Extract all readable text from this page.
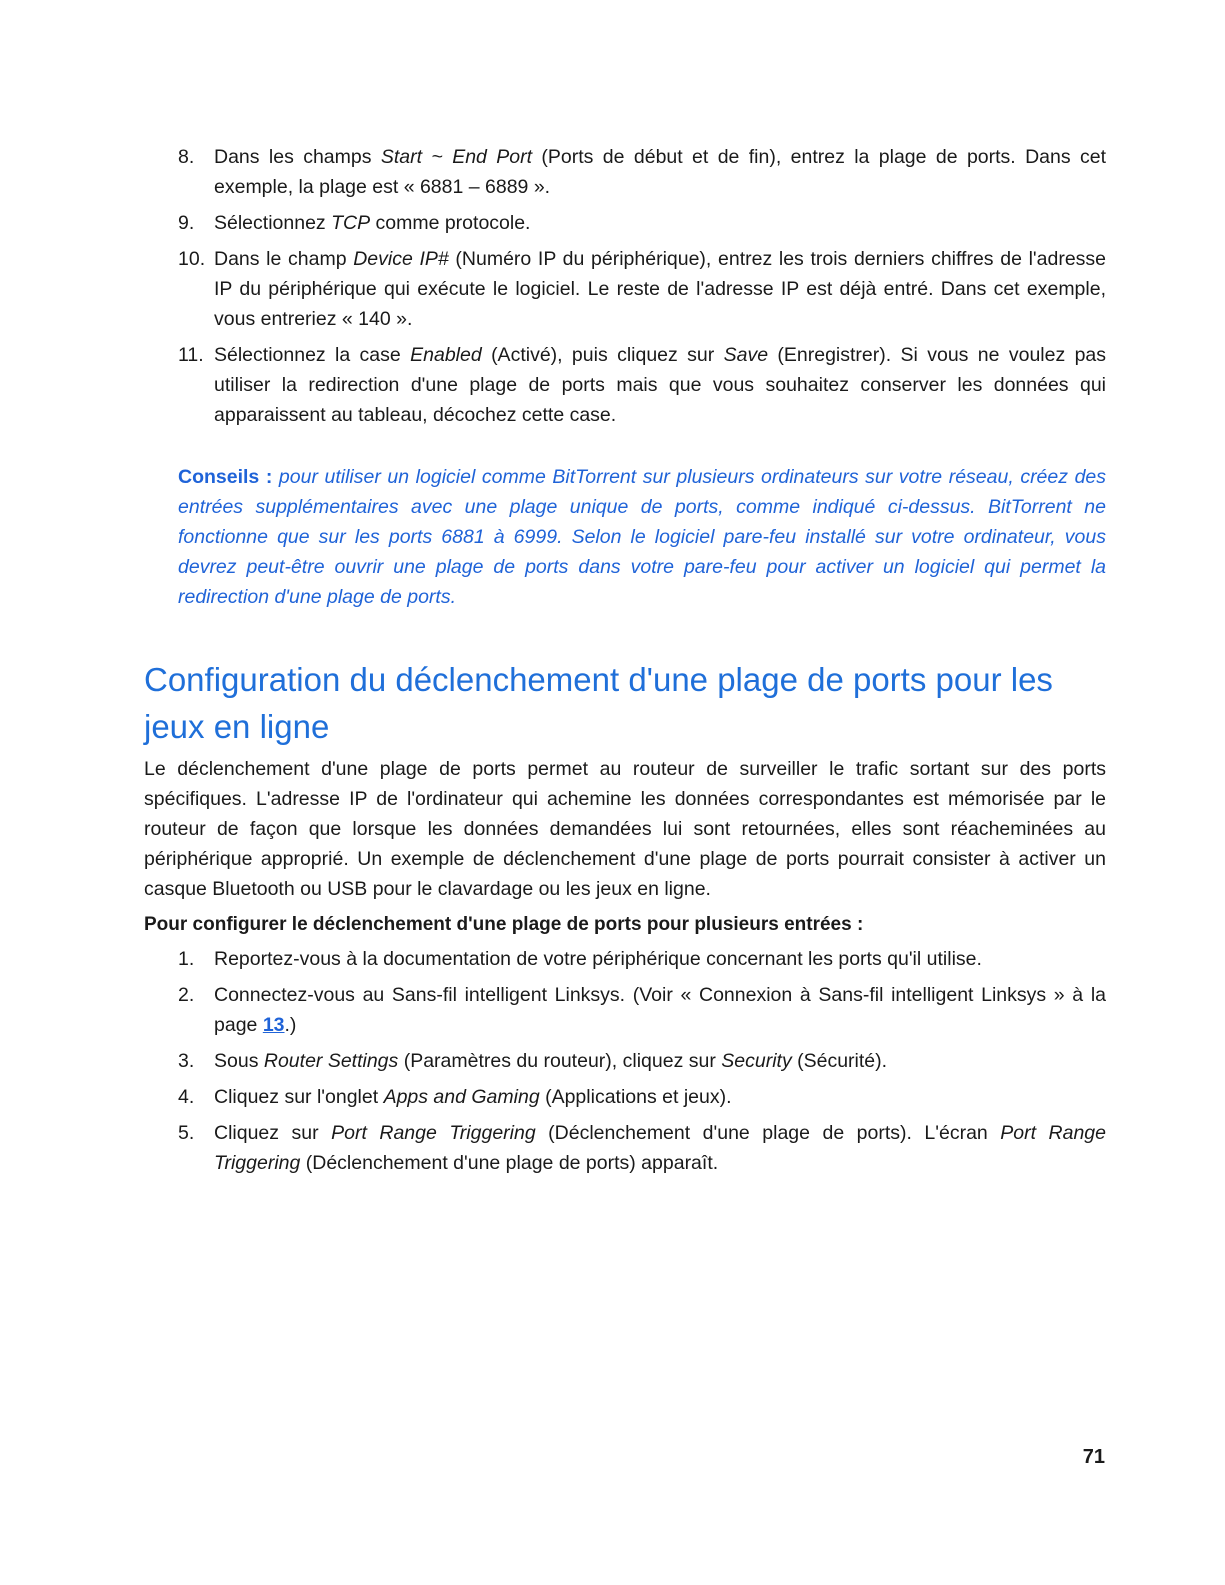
8.	Dans les champs Start ~ End Port (Ports de début et de fin), entrez la plage de ports. Dans cet exemple, la plage est « 6881 – 6889 ».
9.	Sélectionnez TCP comme protocole.
10. Dans le champ Device IP# (Numéro IP du périphérique), entrez les trois derniers chiffres de l'adresse IP du périphérique qui exécute le logiciel. Le reste de l'adresse IP est déjà entré. Dans cet exemple, vous entreriez « 140 ».
11. Sélectionnez la case Enabled (Activé), puis cliquez sur Save (Enregistrer). Si vous ne voulez pas utiliser la redirection d'une plage de ports mais que vous souhaitez conserver les données qui apparaissent au tableau, décochez cette case.
Conseils : pour utiliser un logiciel comme BitTorrent sur plusieurs ordinateurs sur votre réseau, créez des entrées supplémentaires avec une plage unique de ports, comme indiqué ci-dessus. BitTorrent ne fonctionne que sur les ports 6881 à 6999. Selon le logiciel pare-feu installé sur votre ordinateur, vous devrez peut-être ouvrir une plage de ports dans votre pare-feu pour activer un logiciel qui permet la redirection d'une plage de ports.
Configuration du déclenchement d'une plage de ports pour les jeux en ligne

Le déclenchement d'une plage de ports permet au routeur de surveiller le trafic sortant sur des ports spécifiques. L'adresse IP de l'ordinateur qui achemine les données correspondantes est mémorisée par le routeur de façon que lorsque les données demandées lui sont retournées, elles sont réacheminées au périphérique approprié. Un exemple de déclenchement d'une plage de ports pourrait consister à activer un casque Bluetooth ou USB pour le clavardage ou les jeux en ligne.

Pour configurer le déclenchement d'une plage de ports pour plusieurs entrées :

1.	Reportez-vous à la documentation de votre périphérique concernant les ports qu'il utilise.
2.	Connectez-vous au Sans-fil intelligent Linksys. (Voir « Connexion à Sans-fil intelligent Linksys » à la page 13.)
3.	Sous Router Settings (Paramètres du routeur), cliquez sur Security (Sécurité).
4.	Cliquez sur l'onglet Apps and Gaming (Applications et jeux).
5.	Cliquez sur Port Range Triggering (Déclenchement d'une plage de ports). L'écran Port Range Triggering (Déclenchement d'une plage de ports) apparaît.
71
